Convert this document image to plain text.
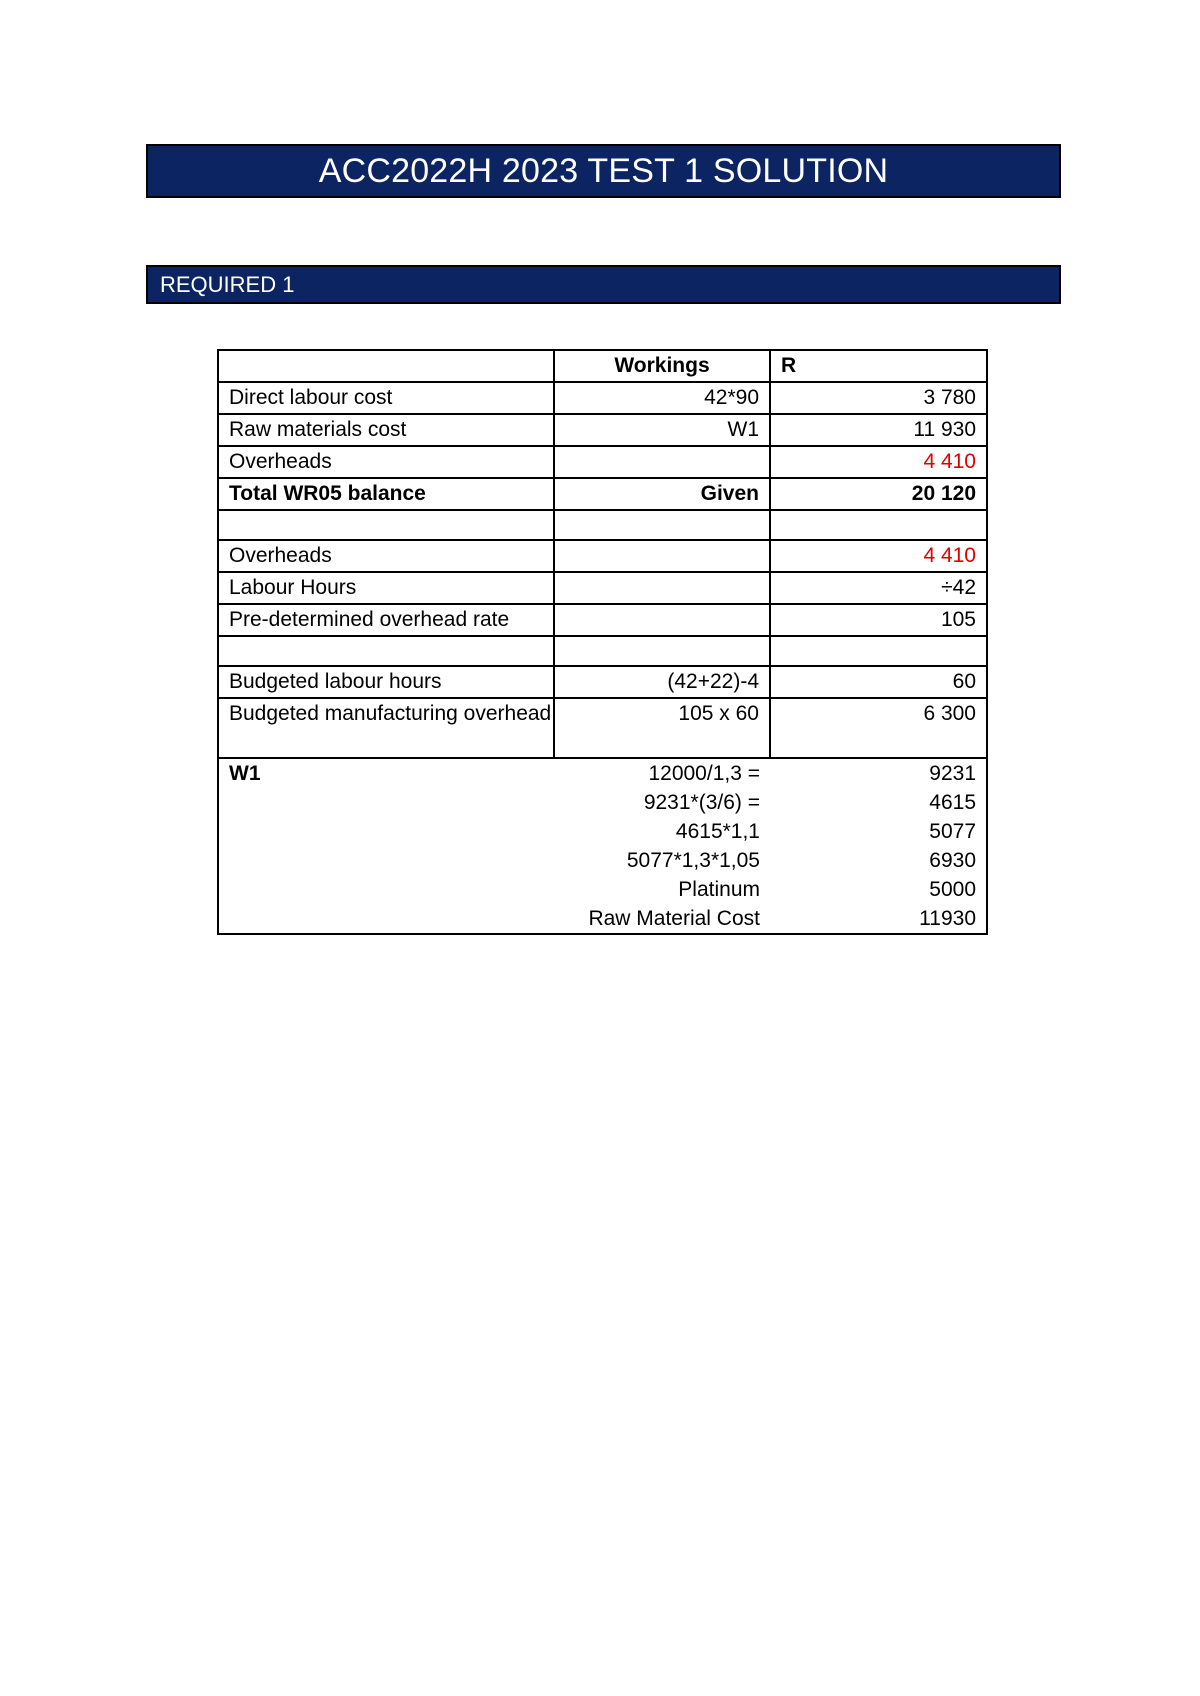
ACC2022H 2023 TEST 1 SOLUTION
REQUIRED 1
	Workings	R
Direct labour cost	42*90	3 780
Raw materials cost	W1	11 930
Overheads		4 410
Total WR05 balance	Given	20 120

Overheads		4 410
Labour Hours		÷42
Pre-determined overhead rate		105

Budgeted labour hours	(42+22)-4	60
Budgeted manufacturing overhead	105 x 60	6 300
W1	12000/1,3 =	9231
	9231*(3/6) =	4615
	4615*1,1	5077
	5077*1,3*1,05	6930
	Platinum	5000
	Raw Material Cost	11930
